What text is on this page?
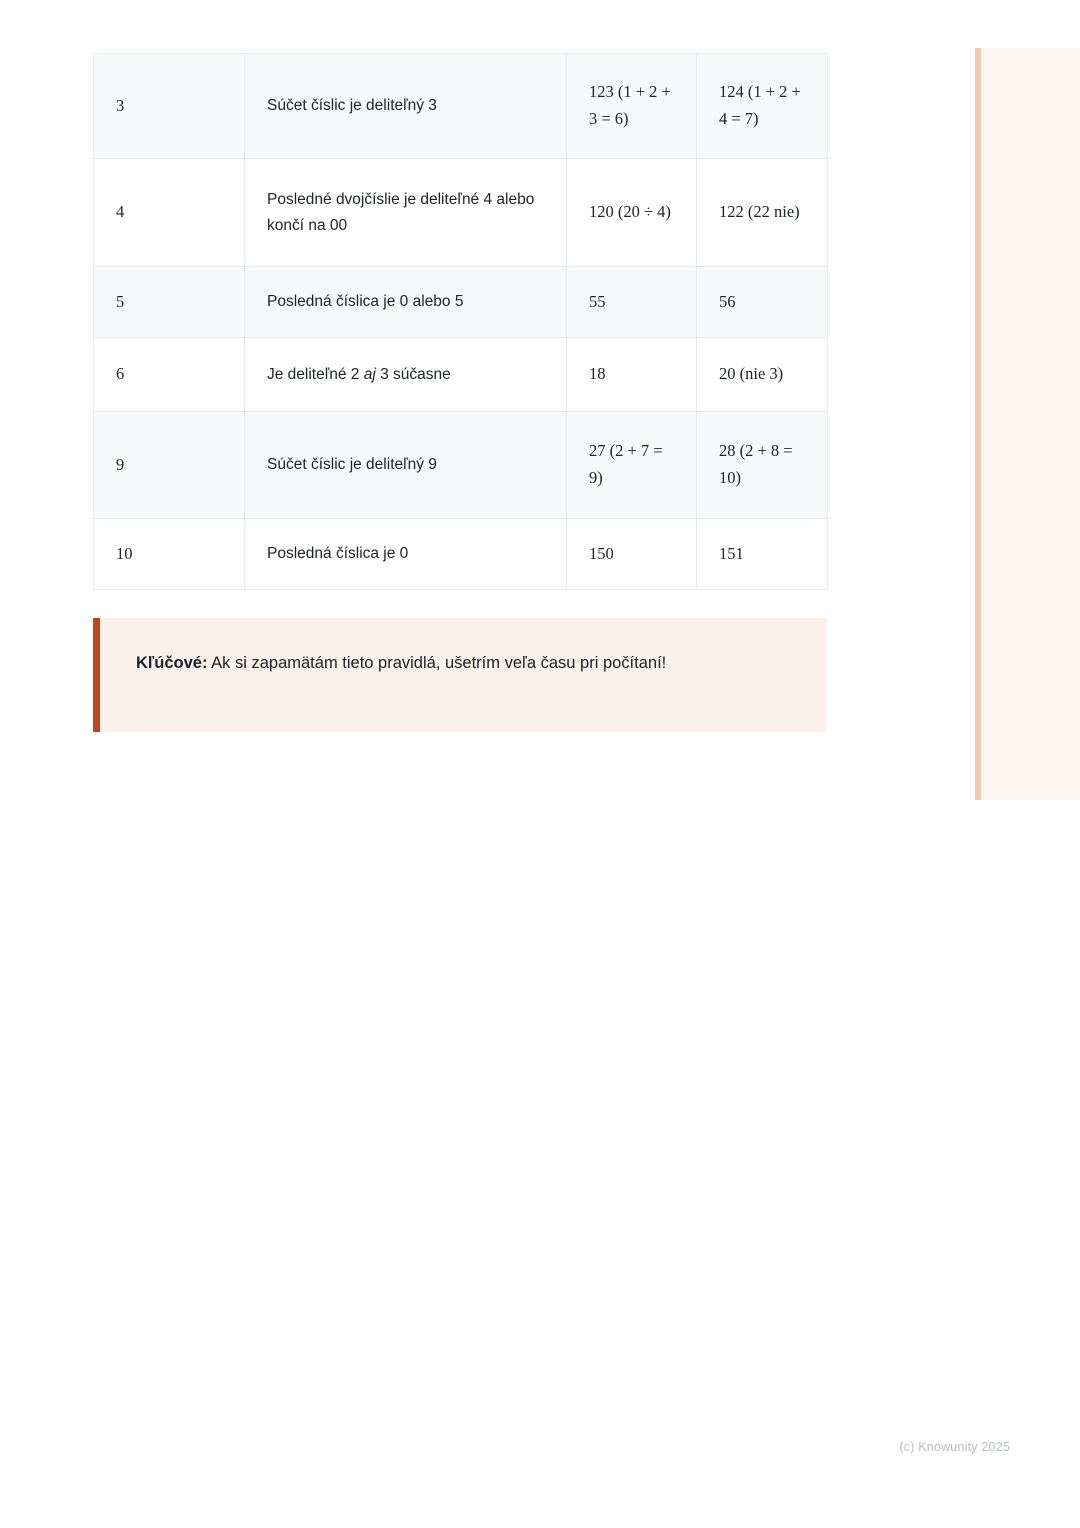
3	Súčet číslic je deliteľný 3	123 (1 + 2 + 3 = 6)	124 (1 + 2 + 4 = 7)

4	Posledné dvojčíslie je deliteľné 4 alebo končí na 00	120 (20 ÷ 4)	122 (22 nie)

5	Posledná číslica je 0 alebo 5	55	56

6	Je deliteľné 2 aj 3 súčasne	18	20 (nie 3)

9	Súčet číslic je deliteľný 9	27 (2 + 7 = 9)	28 (2 + 8 = 10)

10	Posledná číslica je 0	150	151

Kľúčové: Ak si zapamätám tieto pravidlá, ušetrím veľa času pri počítaní!

(c) Knowunity 2025
